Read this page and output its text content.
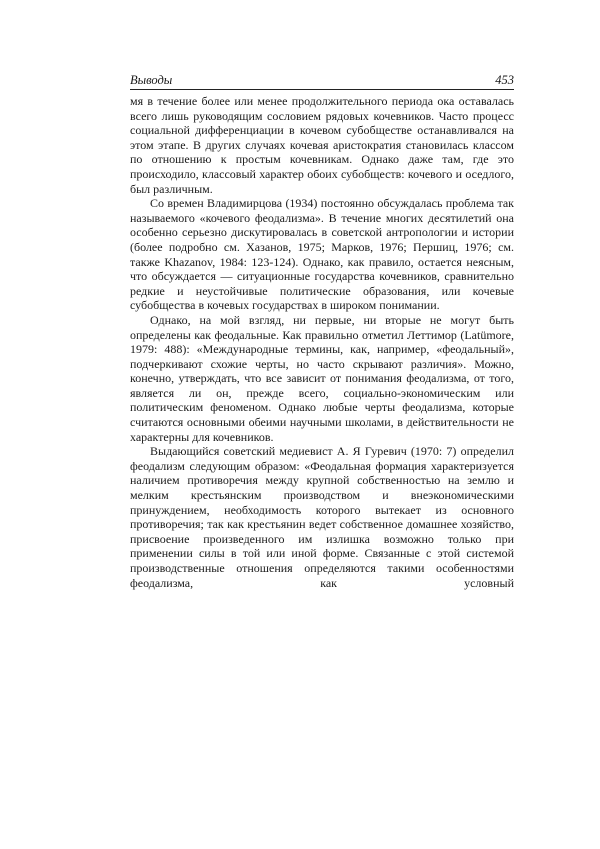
Выводы	453

мя в течение более или менее продолжительного периода ока оставалась всего лишь руководящим сословием рядовых кочевников. Часто процесс социальной дифференциации в кочевом субобществе останавливался на этом этапе. В других случаях кочевая аристократия становилась классом по отношению к простым кочевникам. Однако даже там, где это происходило, классовый характер обоих субобществ: кочевого и оседлого, был различным.

Со времен Владимирцова (1934) постоянно обсуждалась проблема так называемого «кочевого феодализма». В течение многих десятилетий она особенно серьезно дискутировалась в советской антропологии и истории (более подробно см. Хазанов, 1975; Марков, 1976; Першиц, 1976; см. также Khazanov, 1984: 123-124). Однако, как правило, остается неясным, что обсуждается — ситуационные государства кочевников, сравнительно редкие и неустойчивые политические образования, или кочевые субобщества в кочевых государствах в широком понимании.

Однако, на мой взгляд, ни первые, ни вторые не могут быть определены как феодальные. Как правильно отметил Леттимор (Latümore, 1979: 488): «Международные термины, как, например, «феодальный», подчеркивают схожие черты, но часто скрывают различия». Можно, конечно, утверждать, что все зависит от понимания феодализма, от того, является ли он, прежде всего, социально-экономическим или политическим феноменом. Однако любые черты феодализма, которые считаются основными обеими научными школами, в действительности не характерны для кочевников.

Выдающийся советский медиевист А. Я Гуревич (1970: 7) определил феодализм следующим образом: «Феодальная формация характеризуется наличием противоречия между крупной собственностью на землю и мелким крестьянским производством и внеэкономическими принуждением, необходимость которого вытекает из основного противоречия; так как крестьянин ведет собственное домашнее хозяйство, присвоение произведенного им излишка возможно только при применении силы в той или иной форме. Связанные с этой системой производственные отношения определяются такими особенностями феодализма, как условный
